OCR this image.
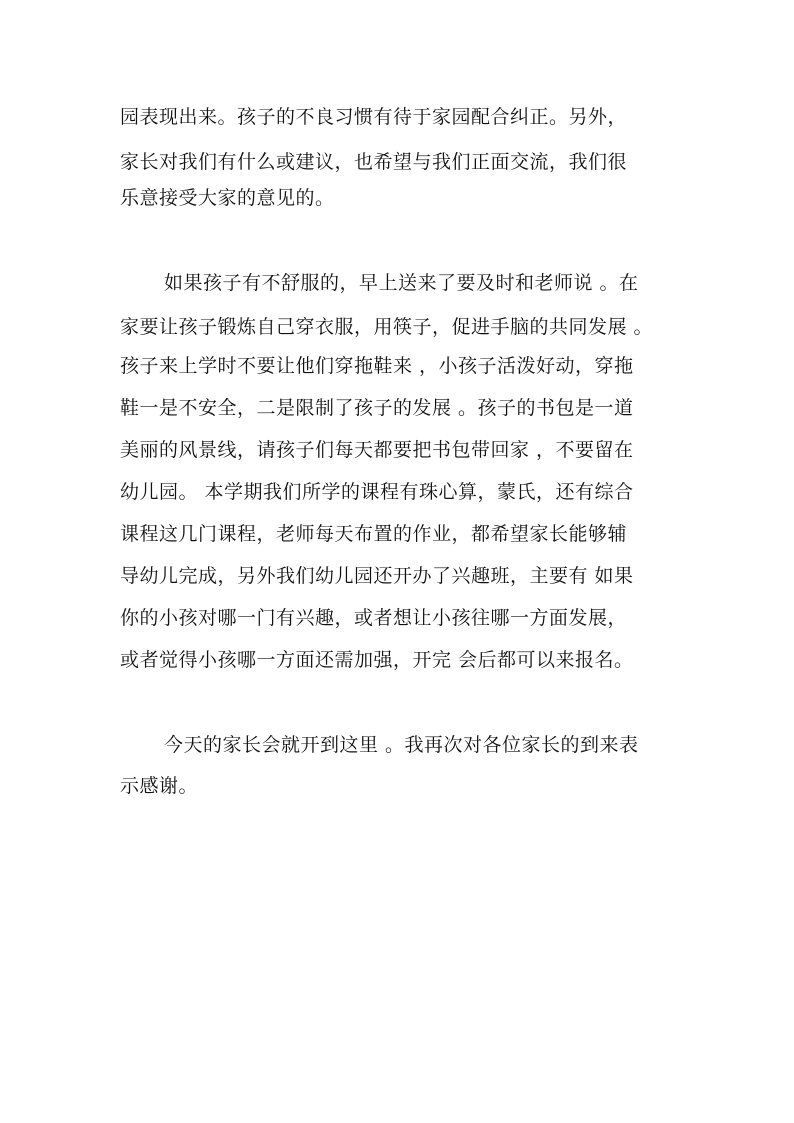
园表现出来。孩子的不良习惯有待于家园配合纠正。另外，
家长对我们有什么或建议，也希望与我们正面交流，我们很
乐意接受大家的意见的。
如果孩子有不舒服的，早上送来了要及时和老师说 。在
家要让孩子锻炼自己穿衣服，用筷子，促进手脑的共同发展 。
孩子来上学时不要让他们穿拖鞋来 ，小孩子活泼好动，穿拖
鞋一是不安全，二是限制了孩子的发展 。孩子的书包是一道
美丽的风景线，请孩子们每天都要把书包带回家 ，不要留在
幼儿园。 本学期我们所学的课程有珠心算，蒙氏，还有综合
课程这几门课程，老师每天布置的作业，都希望家长能够辅
导幼儿完成，另外我们幼儿园还开办了兴趣班，主要有 如果
你的小孩对哪一门有兴趣，或者想让小孩往哪一方面发展，
或者觉得小孩哪一方面还需加强，开完 会后都可以来报名。
今天的家长会就开到这里 。我再次对各位家长的到来表
示感谢。
